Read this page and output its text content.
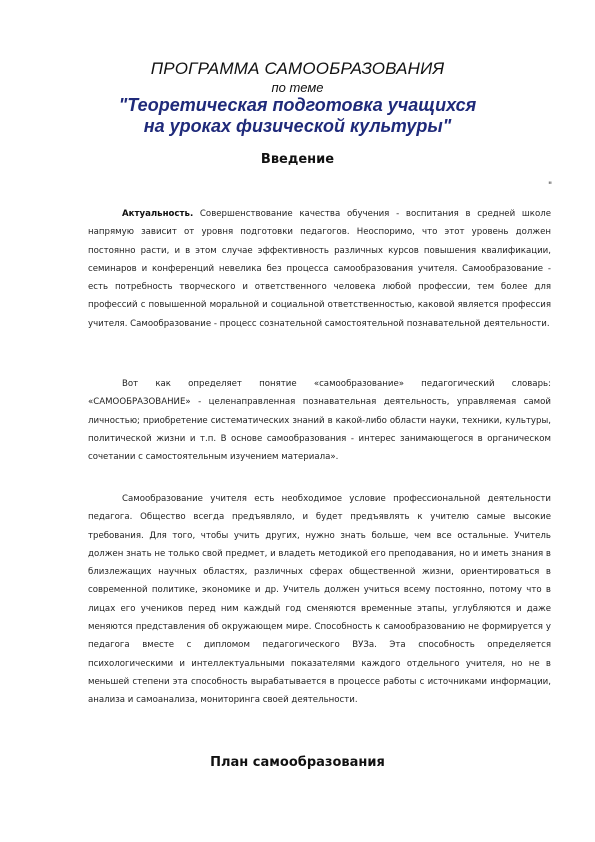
ПРОГРАММА САМООБРАЗОВАНИЯ
по теме
"Теоретическая подготовка учащихся
на уроках физической культуры"
Введение
"

Актуальность. Совершенствование качества обучения - воспитания в средней школе напрямую зависит от уровня подготовки педагогов. Неоспоримо, что этот уровень должен постоянно расти, и в этом случае эффективность различных курсов повышения квалификации, семинаров и конференций невелика без процесса самообразования учителя. Самообразование - есть потребность творческого и ответственного человека любой профессии, тем более для профессий с повышенной моральной и социальной ответственностью, каковой является профессия учителя. Самообразование - процесс сознательной самостоятельной познавательной деятельности.

Вот как определяет понятие «самообразование» педагогический словарь: «САМООБРАЗОВАНИЕ» - целенаправленная познавательная деятельность, управляемая самой личностью; приобретение систематических знаний в какой-либо области науки, техники, культуры, политической жизни и т.п. В основе самообразования - интерес занимающегося в органическом сочетании с самостоятельным изучением материала».

Самообразование учителя есть необходимое условие профессиональной деятельности педагога. Общество всегда предъявляло, и будет предъявлять к учителю самые высокие требования. Для того, чтобы учить других, нужно знать больше, чем все остальные. Учитель должен знать не только свой предмет, и владеть методикой его преподавания, но и иметь знания в близлежащих научных областях, различных сферах общественной жизни, ориентироваться в современной политике, экономике и др. Учитель должен учиться всему постоянно, потому что в лицах его учеников перед ним каждый год сменяются временные этапы, углубляются и даже меняются представления об окружающем мире. Способность к самообразованию не формируется у педагога вместе с дипломом педагогического ВУЗа. Эта способность определяется психологическими и интеллектуальными показателями каждого отдельного учителя, но не в меньшей степени эта способность вырабатывается в процессе работы с источниками информации, анализа и самоанализа, мониторинга своей деятельности.

План самообразования
